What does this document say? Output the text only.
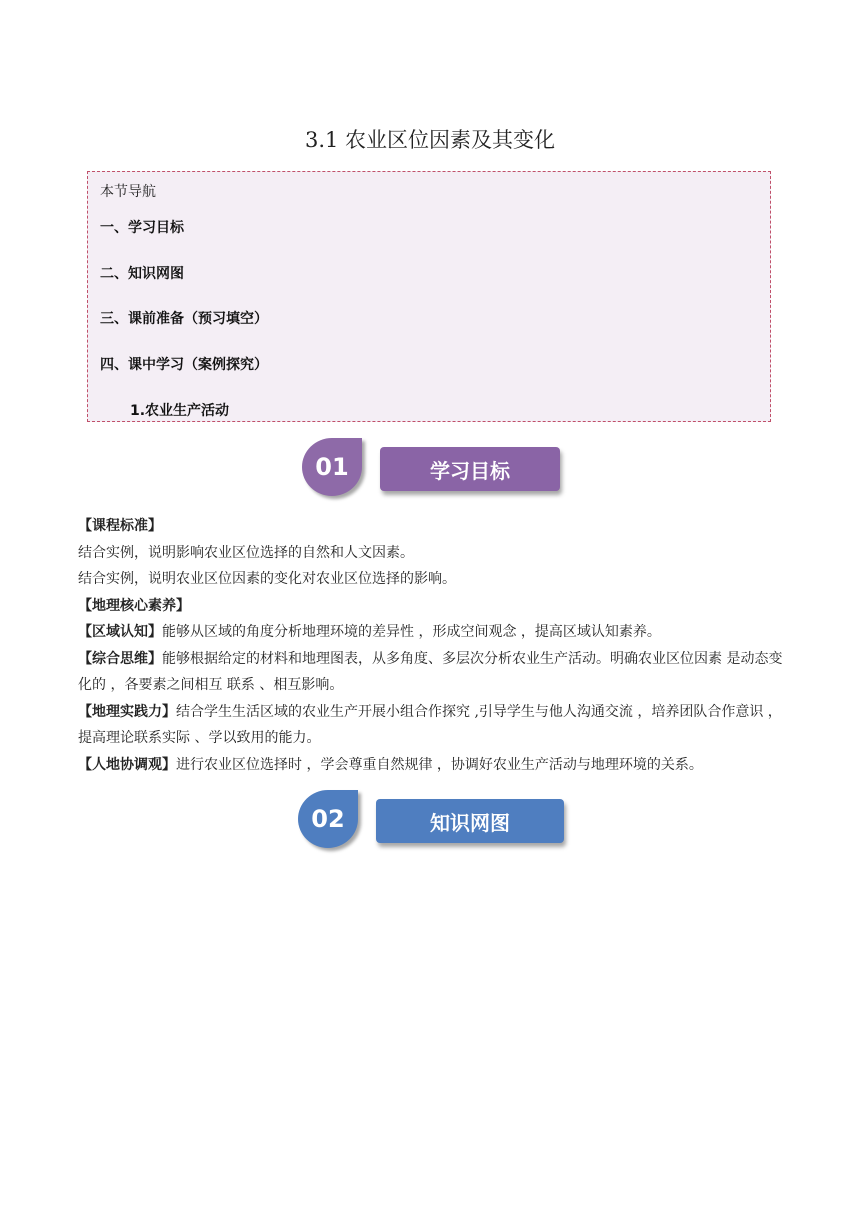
3.1 农业区位因素及其变化
本节导航
一、学习目标
二、知识网图
三、课前准备（预习填空）
四、课中学习（案例探究）
1.农业生产活动
01	学习目标

【课程标准】

结合实例，说明影响农业区位选择的自然和人文因素。

结合实例，说明农业区位因素的变化对农业区位选择的影响。

【地理核心素养】

【区域认知】能够从区域的角度分析地理环境的差异性 ，形成空间观念 ，提高区域认知素养。

【综合思维】能够根据给定的材料和地理图表，从多角度、多层次分析农业生产活动。明确农业区位因素 是动态变化的 ，各要素之间相互 联系 、相互影响。

【地理实践力】结合学生生活区域的农业生产开展小组合作探究 ,引导学生与他人沟通交流 ，培养团队合作意识 ，提高理论联系实际 、学以致用的能力。

【人地协调观】进行农业区位选择时 ，学会尊重自然规律 ，协调好农业生产活动与地理环境的关系。

02	知识网图
